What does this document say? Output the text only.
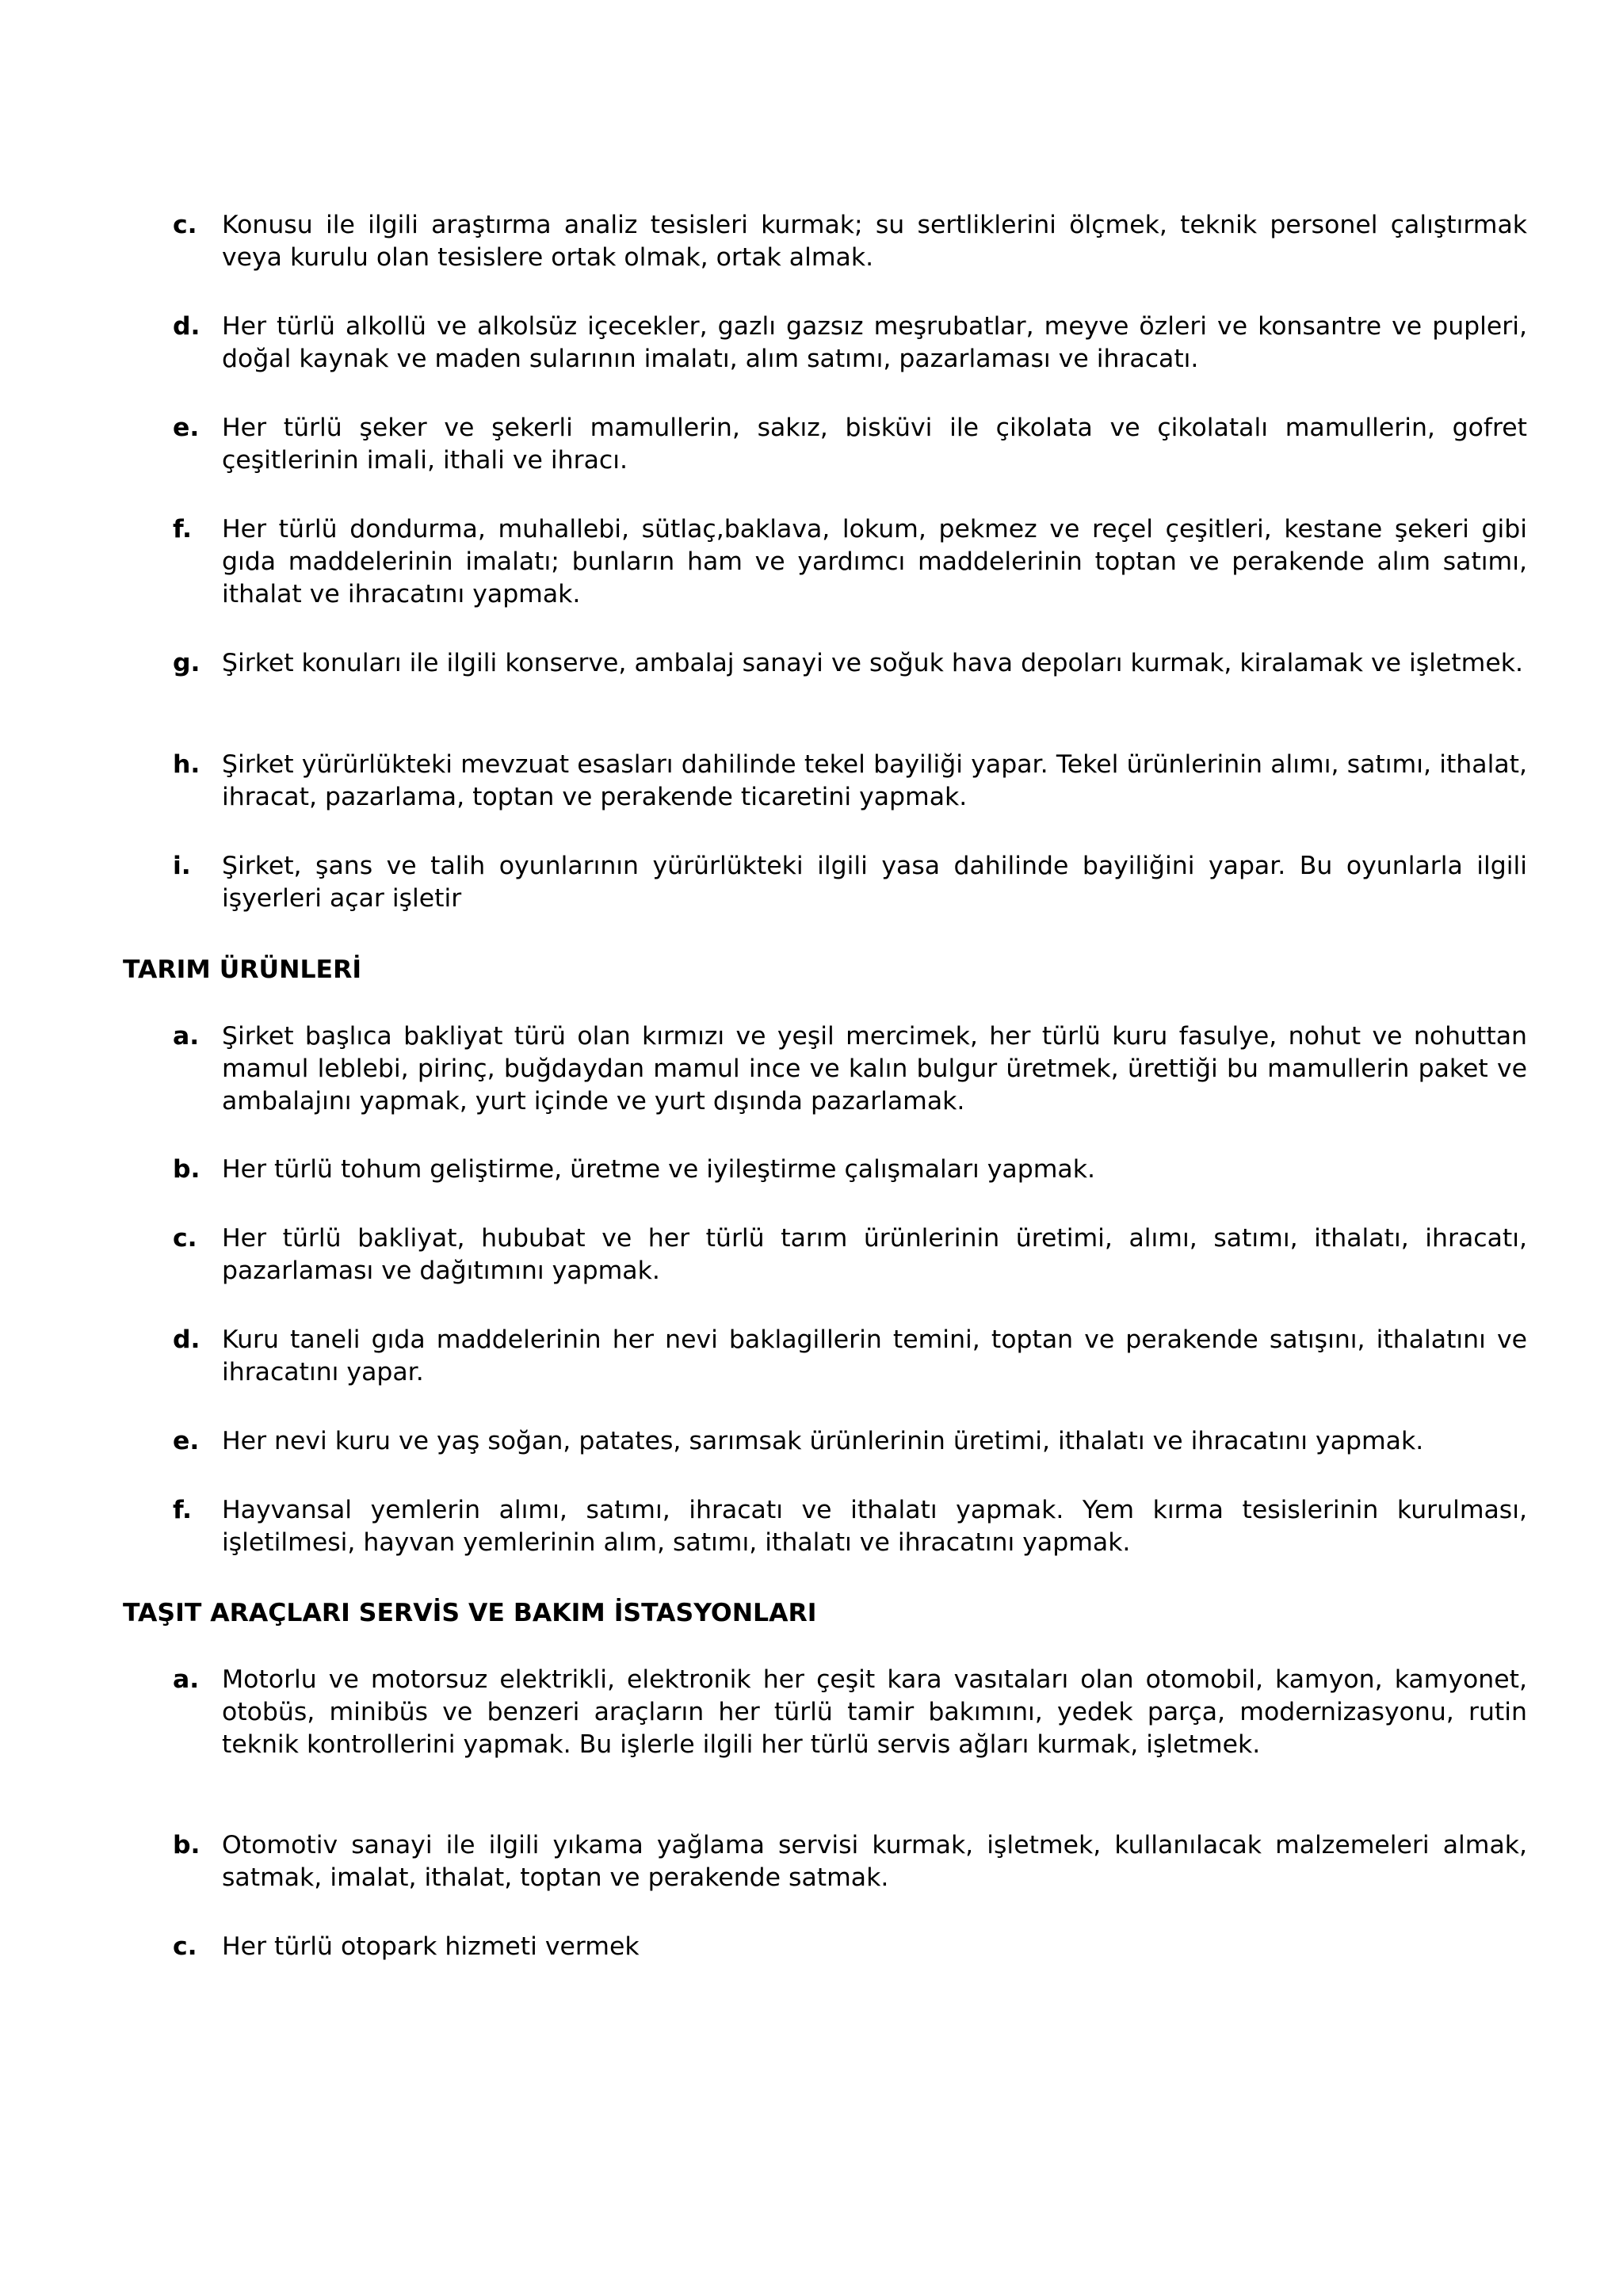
c. Konusu ile ilgili araştırma analiz tesisleri kurmak; su sertliklerini ölçmek, teknik personel çalıştırmak veya kurulu olan tesislere ortak olmak, ortak almak.
d. Her türlü alkollü ve alkolsüz içecekler, gazlı gazsız meşrubatlar, meyve özleri ve konsantre ve pupleri, doğal kaynak ve maden sularının imalatı, alım satımı, pazarlaması ve ihracatı.
e. Her türlü şeker ve şekerli mamullerin, sakız, bisküvi ile çikolata ve çikolatalı mamullerin, gofret çeşitlerinin imali, ithali ve ihracı.
f. Her türlü dondurma, muhallebi, sütlaç,baklava, lokum, pekmez ve reçel çeşitleri, kestane şekeri gibi gıda maddelerinin imalatı; bunların ham ve yardımcı maddelerinin toptan ve perakende alım satımı, ithalat ve ihracatını yapmak.
g. Şirket konuları ile ilgili konserve, ambalaj sanayi ve soğuk hava depoları kurmak, kiralamak ve işletmek.
h. Şirket yürürlükteki mevzuat esasları dahilinde tekel bayiliği yapar. Tekel ürünlerinin alımı, satımı, ithalat, ihracat, pazarlama, toptan ve perakende ticaretini yapmak.
i. Şirket, şans ve talih oyunlarının yürürlükteki ilgili yasa dahilinde bayiliğini yapar. Bu oyunlarla ilgili işyerleri açar işletir
TARIM ÜRÜNLERİ
a. Şirket başlıca bakliyat türü olan kırmızı ve yeşil mercimek, her türlü kuru fasulye, nohut ve nohuttan mamul leblebi, pirinç, buğdaydan mamul ince ve kalın bulgur üretmek, ürettiği bu mamullerin paket ve ambalajını yapmak, yurt içinde ve yurt dışında pazarlamak.
b. Her türlü tohum geliştirme, üretme ve iyileştirme çalışmaları yapmak.
c. Her türlü bakliyat, hububat ve her türlü tarım ürünlerinin üretimi, alımı, satımı, ithalatı, ihracatı, pazarlaması ve dağıtımını yapmak.
d. Kuru taneli gıda maddelerinin her nevi baklagillerin temini, toptan ve perakende satışını, ithalatını ve ihracatını yapar.
e. Her nevi kuru ve yaş soğan, patates, sarımsak ürünlerinin üretimi, ithalatı ve ihracatını yapmak.
f. Hayvansal yemlerin alımı, satımı, ihracatı ve ithalatı yapmak. Yem kırma tesislerinin kurulması, işletilmesi, hayvan yemlerinin alım, satımı, ithalatı ve ihracatını yapmak.
TAŞIT ARAÇLARI SERVİS VE BAKIM İSTASYONLARI
a. Motorlu ve motorsuz elektrikli, elektronik her çeşit kara vasıtaları olan otomobil, kamyon, kamyonet, otobüs, minibüs ve benzeri araçların her türlü tamir bakımını, yedek parça, modernizasyonu, rutin teknik kontrollerini yapmak. Bu işlerle ilgili her türlü servis ağları kurmak, işletmek.
b. Otomotiv sanayi ile ilgili yıkama yağlama servisi kurmak, işletmek, kullanılacak malzemeleri almak, satmak, imalat, ithalat, toptan ve perakende satmak.
c. Her türlü otopark hizmeti vermek
